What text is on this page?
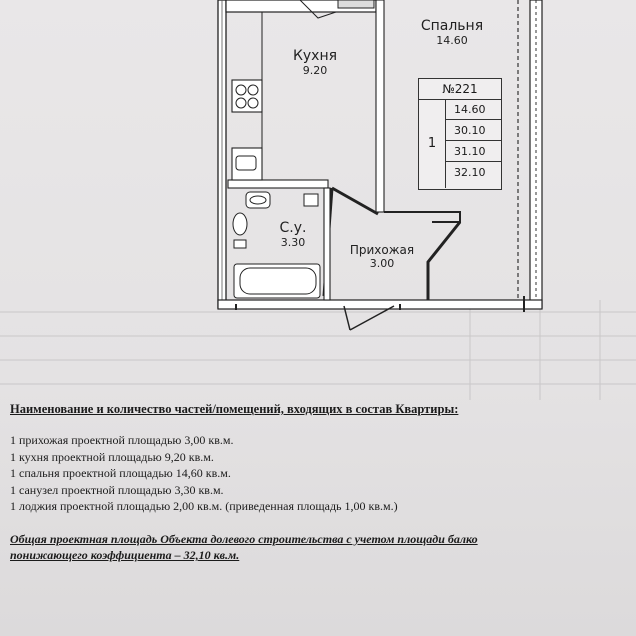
Спальня
14.60
Кухня
9.20
С.у.
3.30
Прихожая
3.00
№221
1
14.60
30.10
31.10
32.10
Наименование и количество частей/помещений, входящих в состав Квартиры:
1 прихожая проектной площадью 3,00 кв.м.
1 кухня проектной площадью 9,20 кв.м.
1 спальня проектной площадью 14,60 кв.м.
1 санузел проектной площадью 3,30 кв.м.
1 лоджия проектной площадью 2,00 кв.м. (приведенная площадь 1,00 кв.м.)
Общая проектная площадь Объекта долевого строительства с учетом площади балко
понижающего коэффициента – 32,10 кв.м.
